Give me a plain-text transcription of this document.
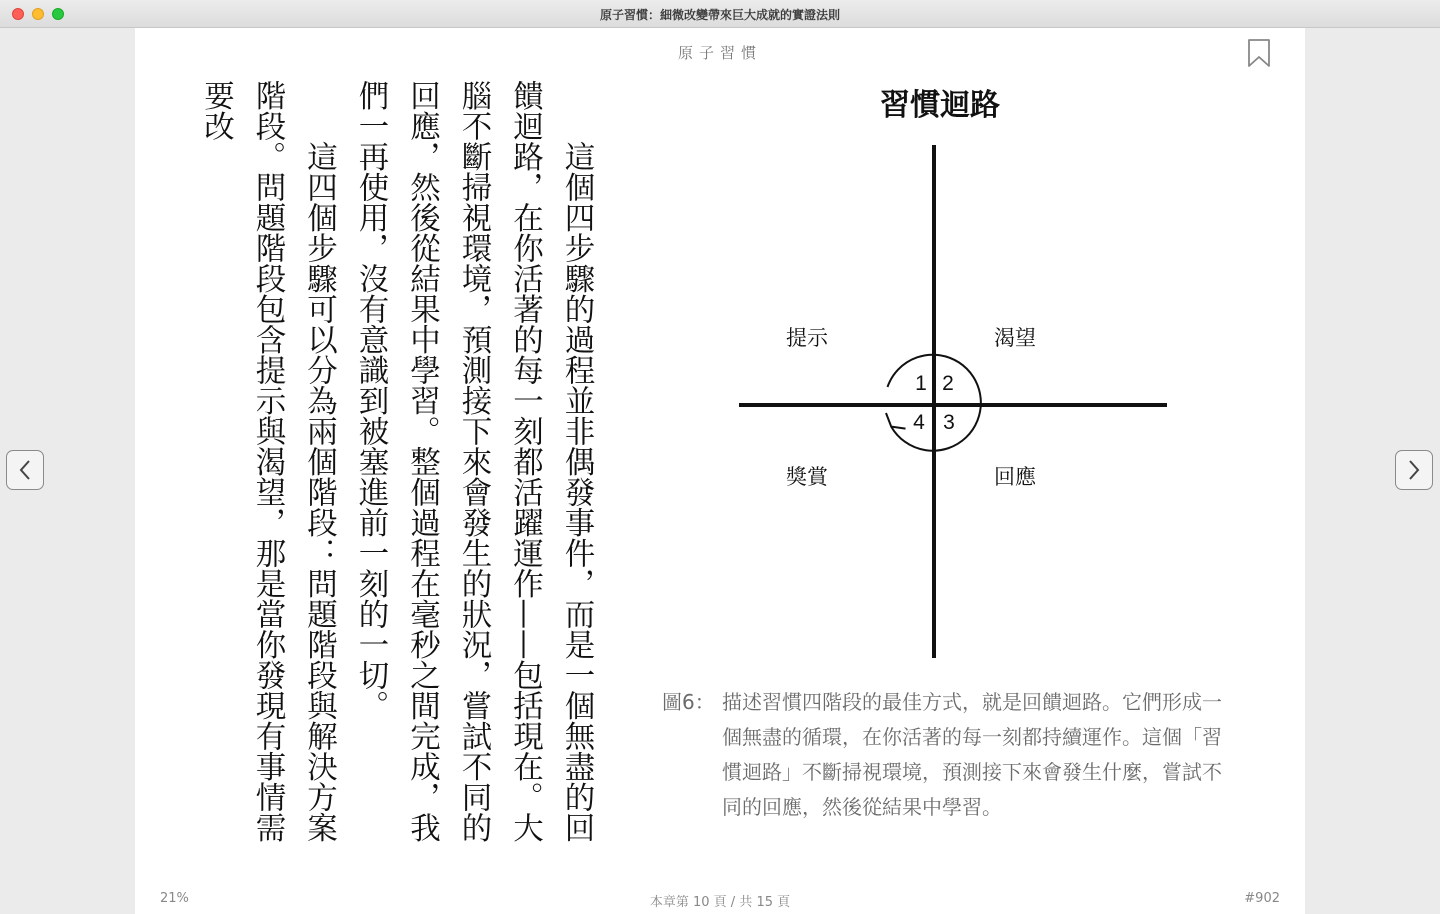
原子習慣：細微改變帶來巨大成就的實證法則
原子習慣

這個四步驟的過程並非偶發事件，而是一個無盡的回饋迴路，在你活著的每一刻都活躍運作——包括現在。大腦不斷掃視環境，預測接下來會發生的狀況，嘗試不同的回應，然後從結果中學習。整個過程在毫秒之間完成，我們一再使用，沒有意識到被塞進前一刻的一切。

這四個步驟可以分為兩個階段：問題階段與解決方案階段。問題階段包含提示與渴望，那是當你發現有事情需要改	習慣迴路
提示	渴望
獎賞	回應
1 2
3
4
圖6： 描述習慣四階段的最佳方式，就是回饋迴路。它們形成一個無盡的循環，在你活著的每一刻都持續運作。這個「習慣迴路」不斷掃視環境，預測接下來會發生什麼，嘗試不同的回應，然後從結果中學習。
21%	本章第 10 頁 / 共 15 頁	#902
